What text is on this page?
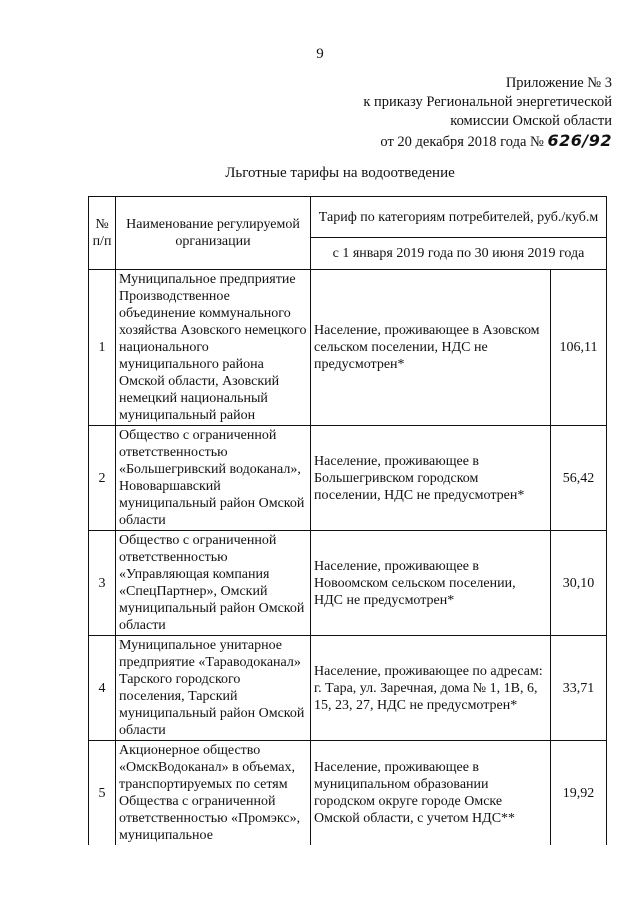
9
Приложение № 3
к приказу Региональной энергетической
комиссии Омской области
от 20 декабря 2018 года № 626/92
Льготные тарифы на водоотведение
№ п/п	Наименование регулируемой организации	Тариф по категориям потребителей, руб./куб.м	
		с 1 января 2019 года по 30 июня 2019 года	
1	Муниципальное предприятие Производственное объединение коммунального хозяйства Азовского немецкого национального муниципального района Омской области, Азовский немецкий национальный муниципальный район	Население, проживающее в Азовском сельском поселении, НДС не предусмотрен*	106,11
2	Общество с ограниченной ответственностью «Большегривский водоканал», Нововаршавский муниципальный район Омской области	Население, проживающее в Большегривском городском поселении, НДС не предусмотрен*	56,42
3	Общество с ограниченной ответственностью «Управляющая компания «СпецПартнер», Омский муниципальный район Омской области	Население, проживающее в Новоомском сельском поселении, НДС не предусмотрен*	30,10
4	Муниципальное унитарное предприятие «Тараводоканал» Тарского городского поселения, Тарский муниципальный район Омской области	Население, проживающее по адресам: г. Тара, ул. Заречная, дома № 1, 1В, 6, 15, 23, 27, НДС не предусмотрен*	33,71
5	Акционерное общество «ОмскВодоканал» в объемах, транспортируемых по сетям Общества с ограниченной ответственностью «Промэкс», муниципальное	Население, проживающее в муниципальном образовании городском округе городе Омске Омской области, с учетом НДС**	19,92
